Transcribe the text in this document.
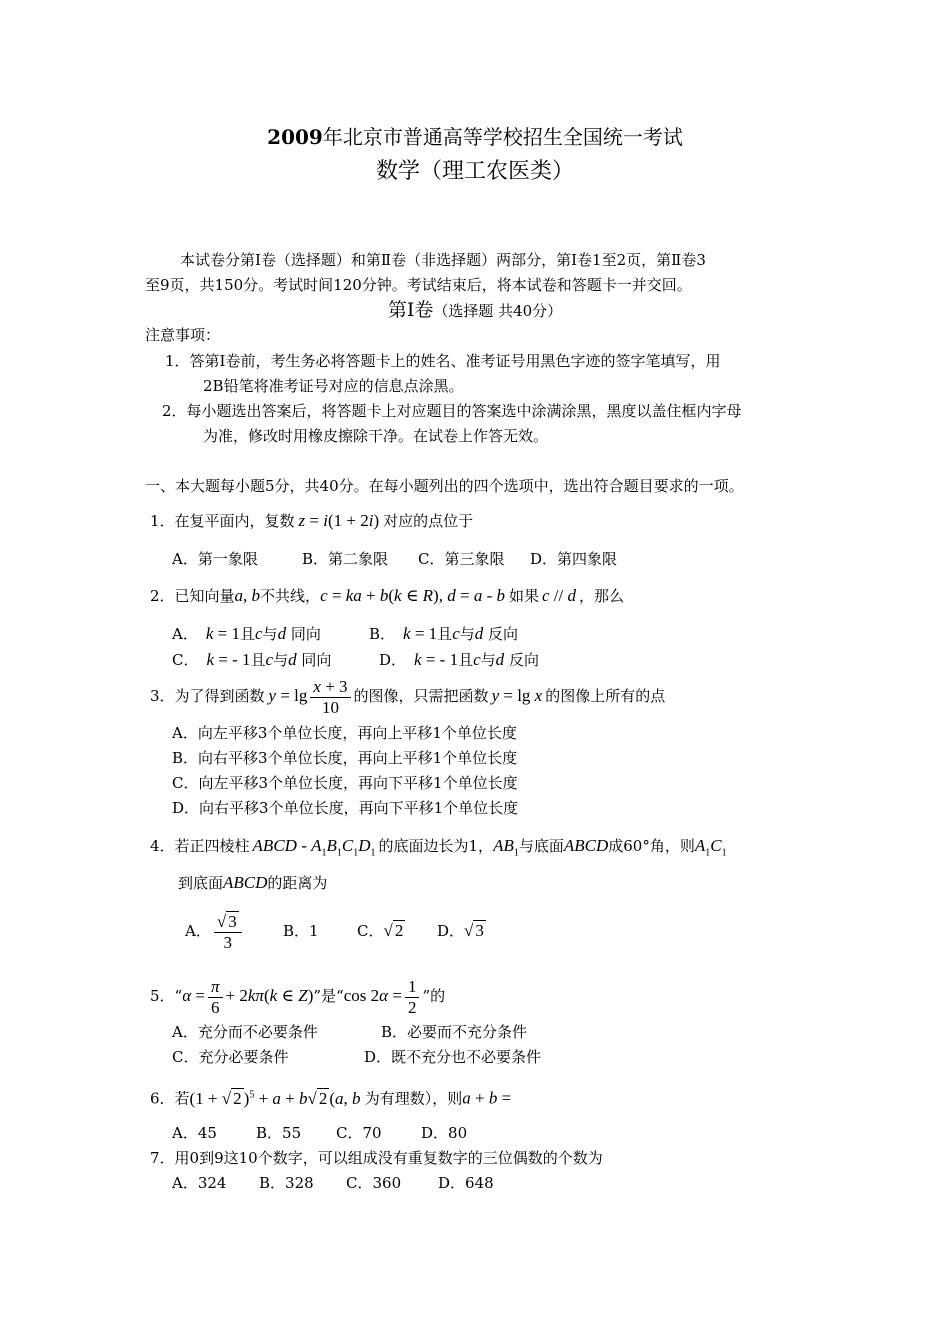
2009年北京市普通高等学校招生全国统一考试
数学（理工农医类）
本试卷分第Ⅰ卷（选择题）和第Ⅱ卷（非选择题）两部分，第Ⅰ卷1至2页，第Ⅱ卷3
至9页，共150分。考试时间120分钟。考试结束后，将本试卷和答题卡一并交回。
第Ⅰ卷（选择题 共40分）
注意事项：
1．答第Ⅰ卷前，考生务必将答题卡上的姓名、准考证号用黑色字迹的签字笔填写，用
2B铅笔将准考证号对应的信息点涂黑。
2．每小题选出答案后，将答题卡上对应题目的答案选中涂满涂黑，黑度以盖住框内字母
为准，修改时用橡皮擦除干净。在试卷上作答无效。
一、本大题每小题5分，共40分。在每小题列出的四个选项中，选出符合题目要求的一项。
1．在复平面内，复数 z = i(1 + 2i) 对应的点位于
A．第一象限	B．第二象限 C．第三象限 D．第四象限
2．已知向量a, b不共线，c = ka + b(k ∈ R), d = a - b 如果 c // d ，那么
A． k = 1且c与d 同向	B． k = 1且c与d 反向
C． k = - 1且c与d 同向	D． k = - 1且c与d 反向
3．为了得到函数 $y = \lg \frac{x + 3}{10}$ 的图像，只需把函数 y = lg x 的图像上所有的点
A．向左平移3个单位长度，再向上平移1个单位长度
B．向右平移3个单位长度，再向上平移1个单位长度
C．向左平移3个单位长度，再向下平移1个单位长度
D．向右平移3个单位长度，再向下平移1个单位长度
4．若正四棱柱 ABCD - $A_1B_1C_1D_1$ 的底面边长为1，$AB_1$与底面ABCD成60°角，则$A_1C_1$
到底面ABCD的距离为
A． $\frac{√ 3}{3}$	B．1	C．√ 2 D．√ 3
5．“$\alpha = \frac{\pi}{6} + 2k\pi(k$ ∈ Z)”是“cos $2\alpha = \frac{1}{2}$ ”的
A．充分而不必要条件	B．必要而不充分条件
C．充分必要条件	D．既不充分也不必要条件
6．若(1 + √ 2 )$^5$ + a + b√ 2 (a, b 为有理数），则a + b =
A．45	B．55 C．70	D．80
7．用0到9这10个数字，可以组成没有重复数字的三位偶数的个数为
A．324 B．328 C．360 D．648
